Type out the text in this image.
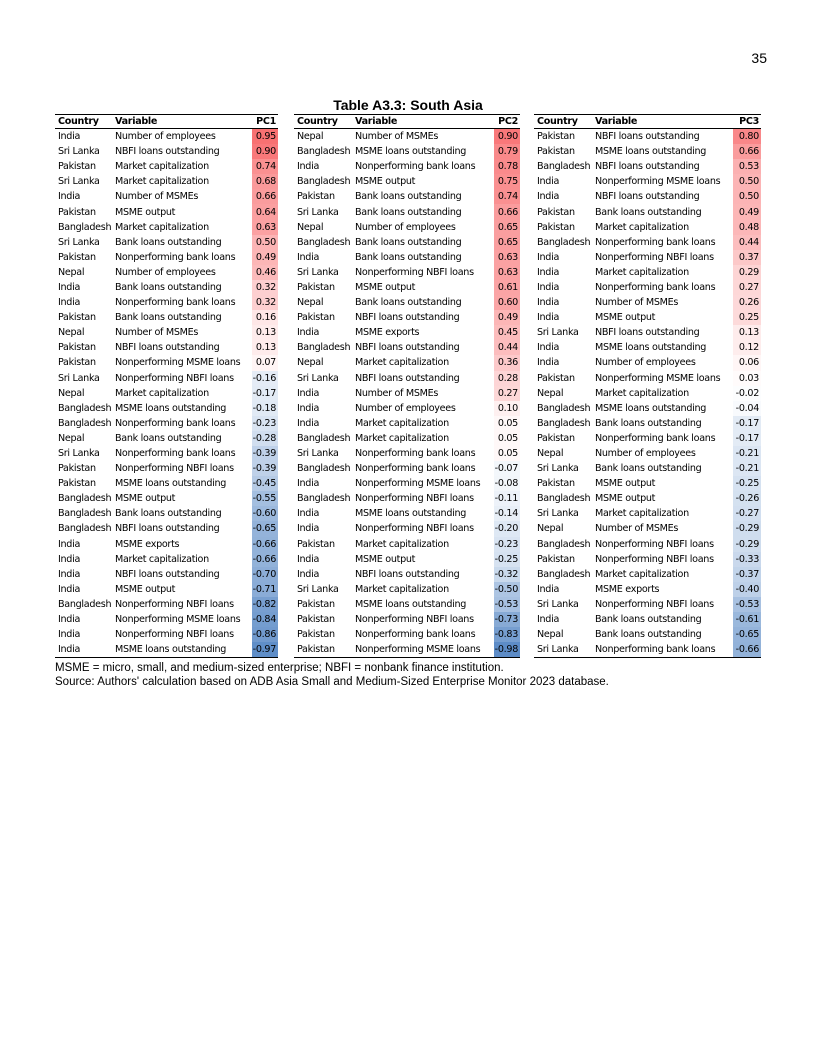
35
Table A3.3: South Asia
Country	Variable	PC1
India	Number of employees	0.95
Sri Lanka	NBFI loans outstanding	0.90
Pakistan	Market capitalization	0.74
Sri Lanka	Market capitalization	0.68
India	Number of MSMEs	0.66
Pakistan	MSME output	0.64
Bangladesh	Market capitalization	0.63
Sri Lanka	Bank loans outstanding	0.50
Pakistan	Nonperforming bank loans	0.49
Nepal	Number of employees	0.46
India	Bank loans outstanding	0.32
India	Nonperforming bank loans	0.32
Pakistan	Bank loans outstanding	0.16
Nepal	Number of MSMEs	0.13
Pakistan	NBFI loans outstanding	0.13
Pakistan	Nonperforming MSME loans	0.07
Sri Lanka	Nonperforming NBFI loans	-0.16
Nepal	Market capitalization	-0.17
Bangladesh	MSME loans outstanding	-0.18
Bangladesh	Nonperforming bank loans	-0.23
Nepal	Bank loans outstanding	-0.28
Sri Lanka	Nonperforming bank loans	-0.39
Pakistan	Nonperforming NBFI loans	-0.39
Pakistan	MSME loans outstanding	-0.45
Bangladesh	MSME output	-0.55
Bangladesh	Bank loans outstanding	-0.60
Bangladesh	NBFI loans outstanding	-0.65
India	MSME exports	-0.66
India	Market capitalization	-0.66
India	NBFI loans outstanding	-0.70
India	MSME output	-0.71
Bangladesh	Nonperforming NBFI loans	-0.82
India	Nonperforming MSME loans	-0.84
India	Nonperforming NBFI loans	-0.86
India	MSME loans outstanding	-0.97
Country	Variable	PC2
Nepal	Number of MSMEs	0.90
Bangladesh	MSME loans outstanding	0.79
India	Nonperforming bank loans	0.78
Bangladesh	MSME output	0.75
Pakistan	Bank loans outstanding	0.74
Sri Lanka	Bank loans outstanding	0.66
Nepal	Number of employees	0.65
Bangladesh	Bank loans outstanding	0.65
India	Bank loans outstanding	0.63
Sri Lanka	Nonperforming NBFI loans	0.63
Pakistan	MSME output	0.61
Nepal	Bank loans outstanding	0.60
Pakistan	NBFI loans outstanding	0.49
India	MSME exports	0.45
Bangladesh	NBFI loans outstanding	0.44
Nepal	Market capitalization	0.36
Sri Lanka	NBFI loans outstanding	0.28
India	Number of MSMEs	0.27
India	Number of employees	0.10
India	Market capitalization	0.05
Bangladesh	Market capitalization	0.05
Sri Lanka	Nonperforming bank loans	0.05
Bangladesh	Nonperforming bank loans	-0.07
India	Nonperforming MSME loans	-0.08
Bangladesh	Nonperforming NBFI loans	-0.11
India	MSME loans outstanding	-0.14
India	Nonperforming NBFI loans	-0.20
Pakistan	Market capitalization	-0.23
India	MSME output	-0.25
India	NBFI loans outstanding	-0.32
Sri Lanka	Market capitalization	-0.50
Pakistan	MSME loans outstanding	-0.53
Pakistan	Nonperforming NBFI loans	-0.73
Pakistan	Nonperforming bank loans	-0.83
Pakistan	Nonperforming MSME loans	-0.98
Country	Variable	PC3
Pakistan	NBFI loans outstanding	0.80
Pakistan	MSME loans outstanding	0.66
Bangladesh	NBFI loans outstanding	0.53
India	Nonperforming MSME loans	0.50
India	NBFI loans outstanding	0.50
Pakistan	Bank loans outstanding	0.49
Pakistan	Market capitalization	0.48
Bangladesh	Nonperforming bank loans	0.44
India	Nonperforming NBFI loans	0.37
India	Market capitalization	0.29
India	Nonperforming bank loans	0.27
India	Number of MSMEs	0.26
India	MSME output	0.25
Sri Lanka	NBFI loans outstanding	0.13
India	MSME loans outstanding	0.12
India	Number of employees	0.06
Pakistan	Nonperforming MSME loans	0.03
Nepal	Market capitalization	-0.02
Bangladesh	MSME loans outstanding	-0.04
Bangladesh	Bank loans outstanding	-0.17
Pakistan	Nonperforming bank loans	-0.17
Nepal	Number of employees	-0.21
Sri Lanka	Bank loans outstanding	-0.21
Pakistan	MSME output	-0.25
Bangladesh	MSME output	-0.26
Sri Lanka	Market capitalization	-0.27
Nepal	Number of MSMEs	-0.29
Bangladesh	Nonperforming NBFI loans	-0.29
Pakistan	Nonperforming NBFI loans	-0.33
Bangladesh	Market capitalization	-0.37
India	MSME exports	-0.40
Sri Lanka	Nonperforming NBFI loans	-0.53
India	Bank loans outstanding	-0.61
Nepal	Bank loans outstanding	-0.65
Sri Lanka	Nonperforming bank loans	-0.66
MSME = micro, small, and medium-sized enterprise; NBFI = nonbank finance institution.
Source: Authors' calculation based on ADB Asia Small and Medium-Sized Enterprise Monitor 2023 database.
